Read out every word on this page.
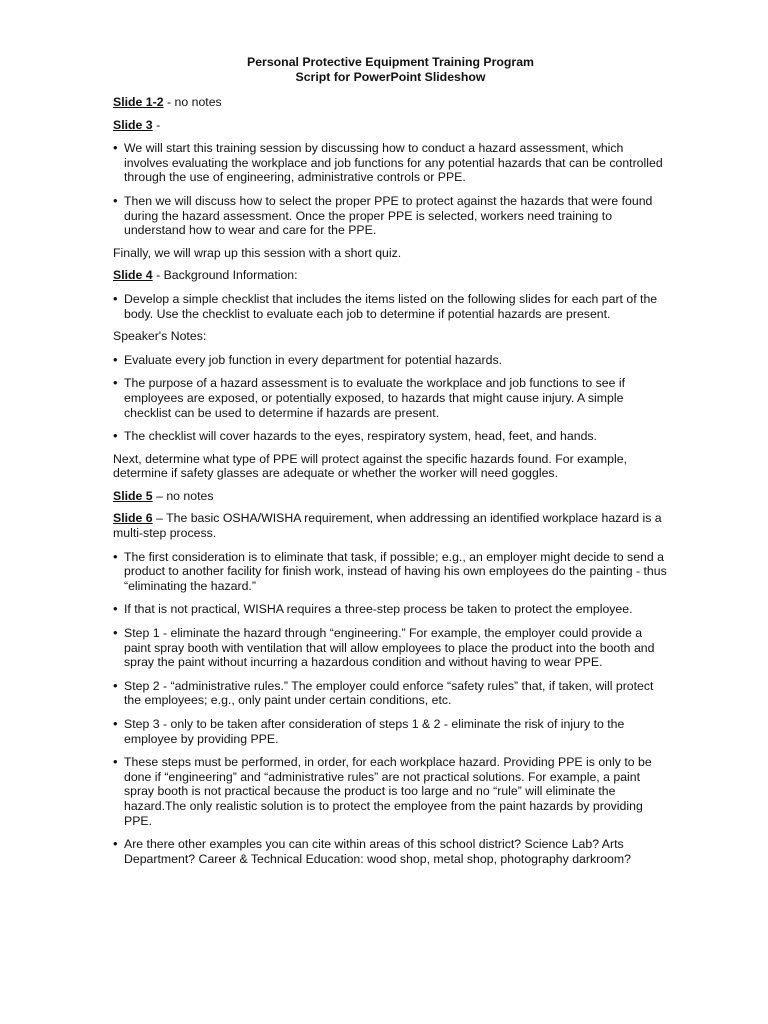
Personal Protective Equipment Training Program
Script for PowerPoint Slideshow

Slide 1-2 - no notes

Slide 3 -

• We will start this training session by discussing how to conduct a hazard assessment, which involves evaluating the workplace and job functions for any potential hazards that can be controlled through the use of engineering, administrative controls or PPE.
• Then we will discuss how to select the proper PPE to protect against the hazards that were found during the hazard assessment. Once the proper PPE is selected, workers need training to understand how to wear and care for the PPE.

Finally, we will wrap up this session with a short quiz.

Slide 4 - Background Information:

• Develop a simple checklist that includes the items listed on the following slides for each part of the body. Use the checklist to evaluate each job to determine if potential hazards are present.

Speaker's Notes:

• Evaluate every job function in every department for potential hazards.
• The purpose of a hazard assessment is to evaluate the workplace and job functions to see if employees are exposed, or potentially exposed, to hazards that might cause injury. A simple checklist can be used to determine if hazards are present.
• The checklist will cover hazards to the eyes, respiratory system, head, feet, and hands.

Next, determine what type of PPE will protect against the specific hazards found. For example, determine if safety glasses are adequate or whether the worker will need goggles.

Slide 5 – no notes

Slide 6 – The basic OSHA/WISHA requirement, when addressing an identified workplace hazard is a multi-step process.

• The first consideration is to eliminate that task, if possible; e.g., an employer might decide to send a product to another facility for finish work, instead of having his own employees do the painting - thus “eliminating the hazard.”
• If that is not practical, WISHA requires a three-step process be taken to protect the employee.
• Step 1 - eliminate the hazard through “engineering.” For example, the employer could provide a paint spray booth with ventilation that will allow employees to place the product into the booth and spray the paint without incurring a hazardous condition and without having to wear PPE.
• Step 2 - “administrative rules.” The employer could enforce “safety rules” that, if taken, will protect the employees; e.g., only paint under certain conditions, etc.
• Step 3 - only to be taken after consideration of steps 1 & 2 - eliminate the risk of injury to the employee by providing PPE.
• These steps must be performed, in order, for each workplace hazard. Providing PPE is only to be done if “engineering” and “administrative rules” are not practical solutions. For example, a paint spray booth is not practical because the product is too large and no “rule” will eliminate the hazard.The only realistic solution is to protect the employee from the paint hazards by providing PPE.
• Are there other examples you can cite within areas of this school district? Science Lab? Arts Department? Career & Technical Education: wood shop, metal shop, photography darkroom?
